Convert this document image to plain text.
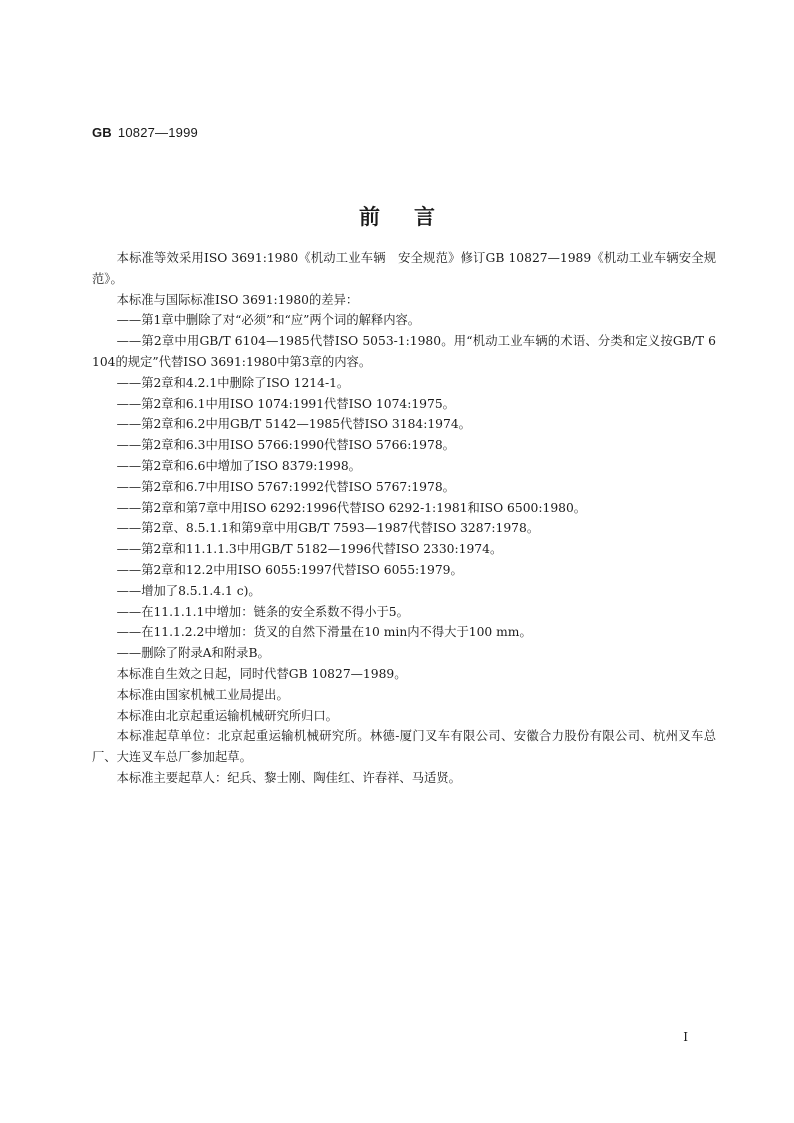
GB 10827—1999
前言

本标准等效采用ISO 3691:1980《机动工业车辆　安全规范》修订GB 10827—1989《机动工业车辆安全规范》。

本标准与国际标准ISO 3691:1980的差异：

——第1章中删除了对“必须”和“应”两个词的解释内容。

——第2章中用GB/T 6104—1985代替ISO 5053-1:1980。用“机动工业车辆的术语、分类和定义按GB/T 6104的规定”代替ISO 3691:1980中第3章的内容。

——第2章和4.2.1中删除了ISO 1214-1。

——第2章和6.1中用ISO 1074:1991代替ISO 1074:1975。

——第2章和6.2中用GB/T 5142—1985代替ISO 3184:1974。

——第2章和6.3中用ISO 5766:1990代替ISO 5766:1978。

——第2章和6.6中增加了ISO 8379:1998。

——第2章和6.7中用ISO 5767:1992代替ISO 5767:1978。

——第2章和第7章中用ISO 6292:1996代替ISO 6292-1:1981和ISO 6500:1980。

——第2章、8.5.1.1和第9章中用GB/T 7593—1987代替ISO 3287:1978。

——第2章和11.1.1.3中用GB/T 5182—1996代替ISO 2330:1974。

——第2章和12.2中用ISO 6055:1997代替ISO 6055:1979。

——增加了8.5.1.4.1 c)。

——在11.1.1.1中增加：链条的安全系数不得小于5。

——在11.1.2.2中增加：货叉的自然下滑量在10 min内不得大于100 mm。

——删除了附录A和附录B。

本标准自生效之日起，同时代替GB 10827—1989。

本标准由国家机械工业局提出。

本标准由北京起重运输机械研究所归口。

本标准起草单位：北京起重运输机械研究所。林德-厦门叉车有限公司、安徽合力股份有限公司、杭州叉车总厂、大连叉车总厂参加起草。

本标准主要起草人：纪兵、黎士刚、陶佳红、许春祥、马适贤。

I
